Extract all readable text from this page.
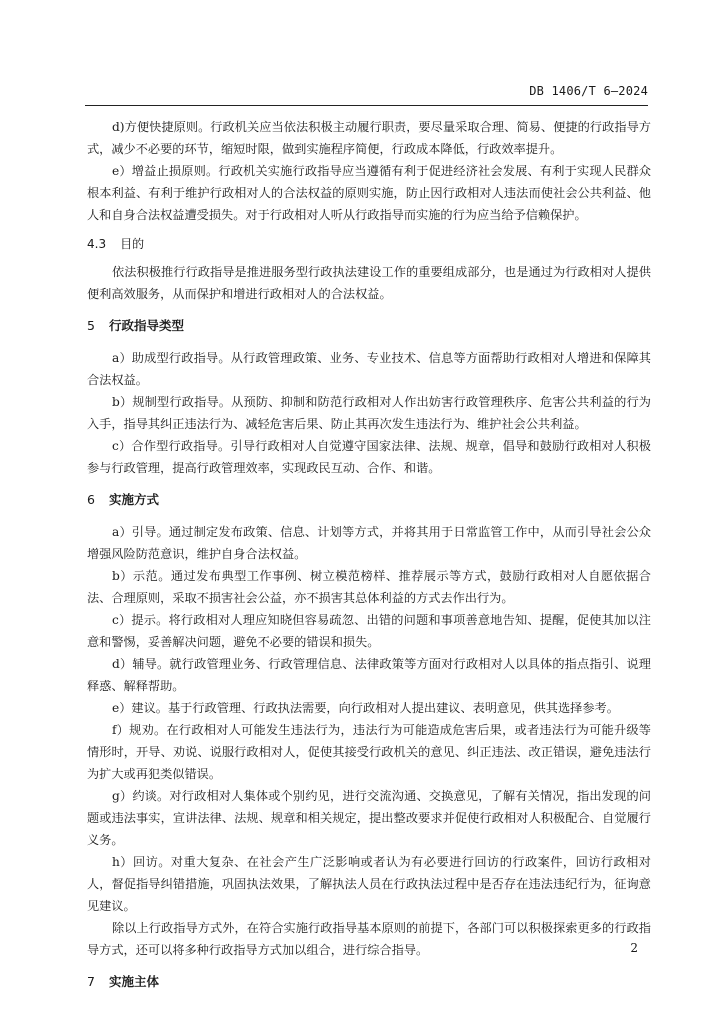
DB 1406/T 6—2024

d)方便快捷原则。行政机关应当依法积极主动履行职责，要尽量采取合理、简易、便捷的行政指导方式，减少不必要的环节，缩短时限，做到实施程序简便，行政成本降低，行政效率提升。

e）增益止损原则。行政机关实施行政指导应当遵循有利于促进经济社会发展、有利于实现人民群众根本利益、有利于维护行政相对人的合法权益的原则实施，防止因行政相对人违法而使社会公共利益、他人和自身合法权益遭受损失。对于行政相对人听从行政指导而实施的行为应当给予信赖保护。

4.3 目的

依法积极推行行政指导是推进服务型行政执法建设工作的重要组成部分，也是通过为行政相对人提供便利高效服务，从而保护和增进行政相对人的合法权益。

5 行政指导类型

a）助成型行政指导。从行政管理政策、业务、专业技术、信息等方面帮助行政相对人增进和保障其合法权益。

b）规制型行政指导。从预防、抑制和防范行政相对人作出妨害行政管理秩序、危害公共利益的行为入手，指导其纠正违法行为、减轻危害后果、防止其再次发生违法行为、维护社会公共利益。

c）合作型行政指导。引导行政相对人自觉遵守国家法律、法规、规章，倡导和鼓励行政相对人积极参与行政管理，提高行政管理效率，实现政民互动、合作、和谐。

6 实施方式

a）引导。通过制定发布政策、信息、计划等方式，并将其用于日常监管工作中，从而引导社会公众增强风险防范意识，维护自身合法权益。

b）示范。通过发布典型工作事例、树立模范榜样、推荐展示等方式，鼓励行政相对人自愿依据合法、合理原则，采取不损害社会公益，亦不损害其总体利益的方式去作出行为。

c）提示。将行政相对人理应知晓但容易疏忽、出错的问题和事项善意地告知、提醒，促使其加以注意和警惕，妥善解决问题，避免不必要的错误和损失。

d）辅导。就行政管理业务、行政管理信息、法律政策等方面对行政相对人以具体的指点指引、说理释惑、解释帮助。

e）建议。基于行政管理、行政执法需要，向行政相对人提出建议、表明意见，供其选择参考。

f）规劝。在行政相对人可能发生违法行为，违法行为可能造成危害后果，或者违法行为可能升级等情形时，开导、劝说、说服行政相对人，促使其接受行政机关的意见、纠正违法、改正错误，避免违法行为扩大或再犯类似错误。

g）约谈。对行政相对人集体或个别约见，进行交流沟通、交换意见，了解有关情况，指出发现的问题或违法事实，宣讲法律、法规、规章和相关规定，提出整改要求并促使行政相对人积极配合、自觉履行义务。

h）回访。对重大复杂、在社会产生广泛影响或者认为有必要进行回访的行政案件，回访行政相对人，督促指导纠错措施，巩固执法效果，了解执法人员在行政执法过程中是否存在违法违纪行为，征询意见建议。

除以上行政指导方式外，在符合实施行政指导基本原则的前提下，各部门可以积极探索更多的行政指导方式，还可以将多种行政指导方式加以组合，进行综合指导。

7 实施主体
2
